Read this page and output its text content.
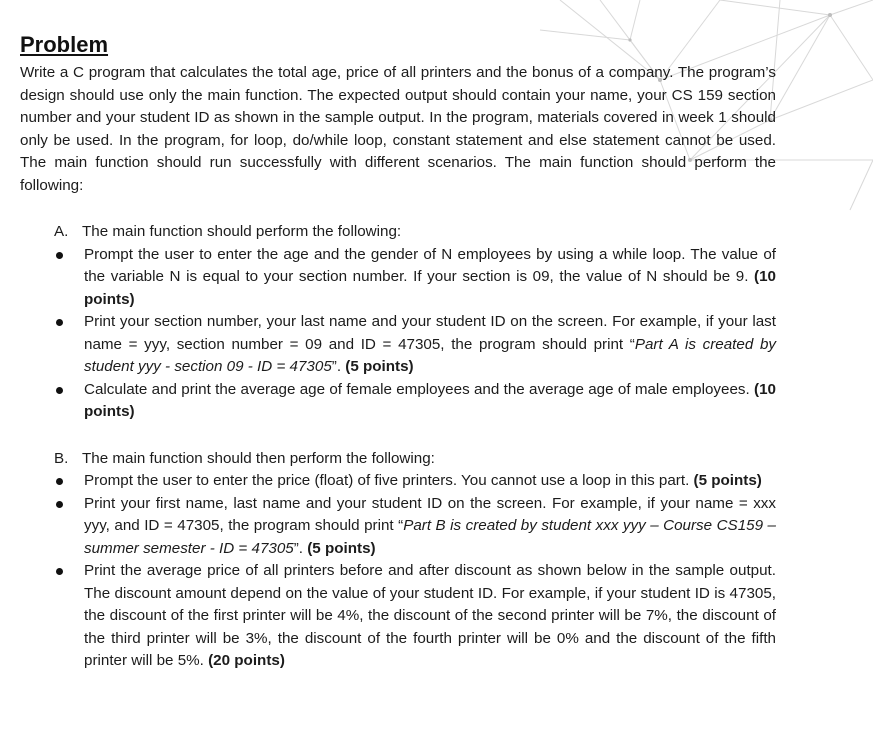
Problem

Write a C program that calculates the total age, price of all printers and the bonus of a company. The program’s design should use only the main function. The expected output should contain your name, your CS 159 section number and your student ID as shown in the sample output. In the program, materials covered in week 1 should only be used. In the program, for loop, do/while loop, constant statement and else statement cannot be used. The main function should run successfully with different scenarios. The main function should perform the following:

A. The main function should perform the following:
Prompt the user to enter the age and the gender of N employees by using a while loop. The value of the variable N is equal to your section number. If your section is 09, the value of N should be 9. (10 points)
Print your section number, your last name and your student ID on the screen. For example, if your last name = yyy, section number = 09 and ID = 47305, the program should print “Part A is created by student yyy - section 09 - ID = 47305”. (5 points)
Calculate and print the average age of female employees and the average age of male employees. (10 points)
B. The main function should then perform the following:
Prompt the user to enter the price (float) of five printers. You cannot use a loop in this part. (5 points)
Print your first name, last name and your student ID on the screen. For example, if your name = xxx yyy, and ID = 47305, the program should print “Part B is created by student xxx yyy – Course CS159 – summer semester - ID = 47305”. (5 points)
Print the average price of all printers before and after discount as shown below in the sample output. The discount amount depend on the value of your student ID. For example, if your student ID is 47305, the discount of the first printer will be 4%, the discount of the second printer will be 7%, the discount of the third printer will be 3%, the discount of the fourth printer will be 0% and the discount of the fifth printer will be 5%. (20 points)
